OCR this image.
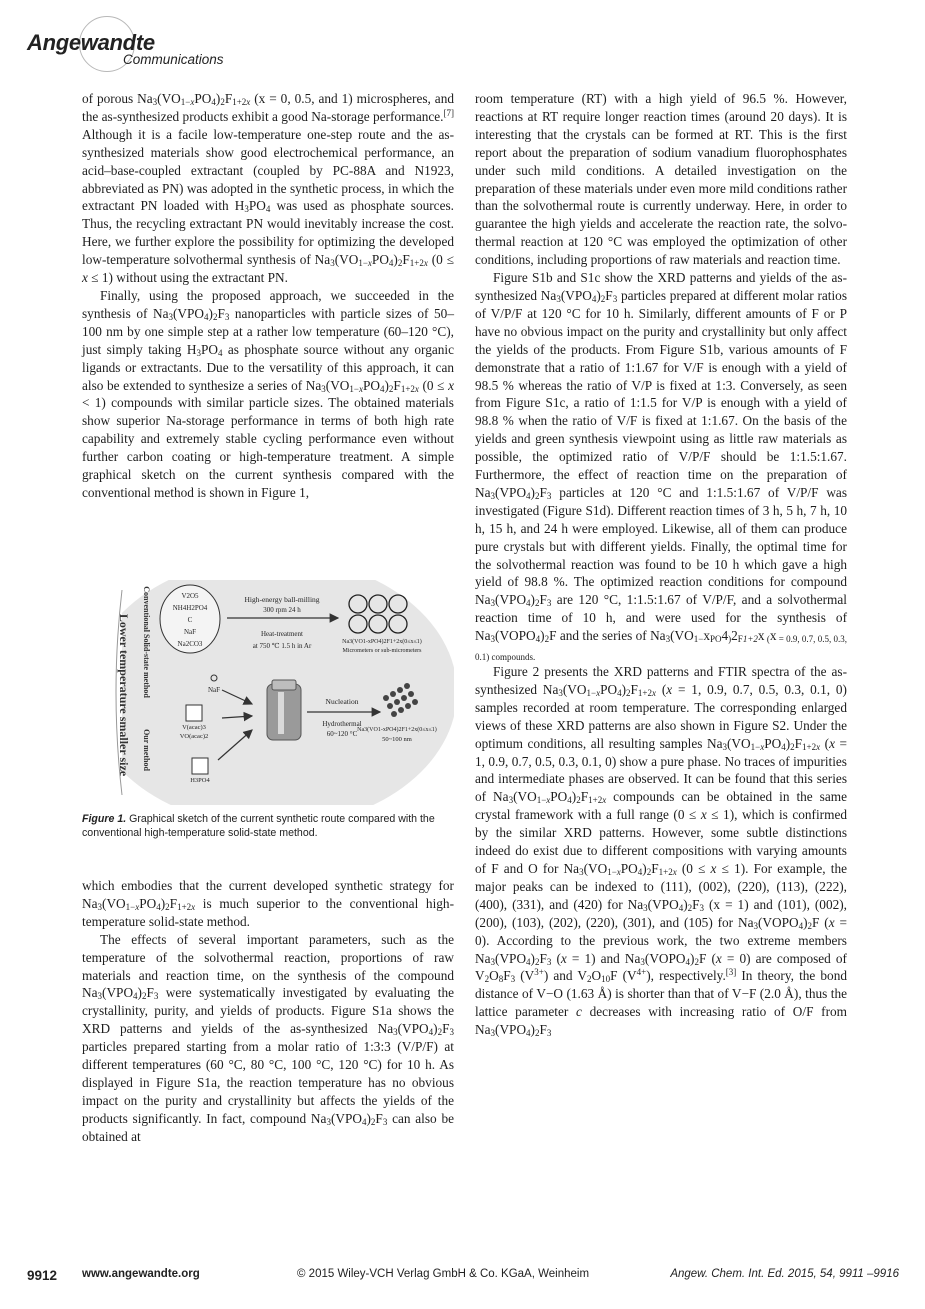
Angewandte
Communications

of porous $Na_3(VO_{1-x}PO_4)_2F_{1+2x}$ (x = 0, 0.5, and 1) microspheres, and the as-synthesized products exhibit a good Na-storage performance.[7] Although it is a facile low-temperature one-step route and the as-synthesized materials show good electrochemical performance, an acid–base-coupled extractant (coupled by PC-88A and N1923, abbreviated as PN) was adopted in the synthetic process, in which the extractant PN loaded with $H_3PO_4$ was used as phosphate sources. Thus, the recycling extractant PN would inevitably increase the cost. Here, we further explore the possibility for optimizing the developed low-temperature solvothermal synthesis of $Na_3(VO_{1-x}PO_4)_2F_{1+2x}$ (0 ≤ x ≤ 1) without using the extractant PN.

Finally, using the proposed approach, we succeeded in the synthesis of $Na_3(VPO_4)_2F_3$ nanoparticles with particle sizes of 50–100 nm by one simple step at a rather low temperature (60–120 °C), just simply taking $H_3PO_4$ as phosphate source without any organic ligands or extractants. Due to the versatility of this approach, it can also be extended to synthesize a series of $Na_3(VO_{1-x}PO_4)_2F_{1+2x}$ (0 ≤ x < 1) compounds with similar particle sizes. The obtained materials show superior Na-storage performance in terms of both high rate capability and extremely stable cycling performance even without further carbon coating or high-temperature treatment. A simple graphical sketch on the current synthesis compared with the conventional method is shown in Figure 1,

Lower temperature smaller size Conventional Solid-state method
Our method
V2O5
NH4H2PO4
C
NaF
Na2CO3
High-energy ball-milling
300 rpm 24 h
Heat-treatment
at 750 ℃ 1.5 h in Ar	Na3(VO1-xPO4)2F1+2x(0≤x≤1)
Micrometers or sub-micrometers
NaF
V(acac)3
VO(acac)2
H3PO4
Nucleation
Hydrothermal
60~120 °C Na3(VO1-xPO4)2F1+2x(0≤x≤1)
50~100 nm
Figure 1. Graphical sketch of the current synthetic route compared with the conventional high-temperature solid-state method.

which embodies that the current developed synthetic strategy for $Na_3(VO_{1-x}PO_4)_2F_{1+2x}$ is much superior to the conventional high-temperature solid-state method.

The effects of several important parameters, such as the temperature of the solvothermal reaction, proportions of raw materials and reaction time, on the synthesis of the compound $Na_3(VPO_4)_2F_3$ were systematically investigated by evaluating the crystallinity, purity, and yields of products. Figure S1a shows the XRD patterns and yields of the as-synthesized $Na_3(VPO_4)_2F_3$ particles prepared starting from a molar ratio of 1:3:3 (V/P/F) at different temperatures (60 °C, 80 °C, 100 °C, 120 °C) for 10 h. As displayed in Figure S1a, the reaction temperature has no obvious impact on the purity and crystallinity but affects the yields of the products significantly. In fact, compound $Na_3(VPO_4)_2F_3$ can also be obtained at

room temperature (RT) with a high yield of 96.5 %. However, reactions at RT require longer reaction times (around 20 days). It is interesting that the crystals can be formed at RT. This is the first report about the preparation of sodium vanadium fluorophosphates under such mild conditions. A detailed investigation on the preparation of these materials under even more mild conditions rather than the solvothermal route is currently underway. Here, in order to guarantee the high yields and accelerate the reaction rate, the solvothermal reaction at 120 °C was employed the optimization of other conditions, including proportions of raw materials and reaction time.

Figure S1b and S1c show the XRD patterns and yields of the as-synthesized $Na_3(VPO_4)_2F_3$ particles prepared at different molar ratios of V/P/F at 120 °C for 10 h. Similarly, different amounts of F or P have no obvious impact on the purity and crystallinity but only affect the yields of the products. From Figure S1b, various amounts of F demonstrate that a ratio of 1:1.67 for V/F is enough with a yield of 98.5 % whereas the ratio of V/P is fixed at 1:3. Conversely, as seen from Figure S1c, a ratio of 1:1.5 for V/P is enough with a yield of 98.8 % when the ratio of V/F is fixed at 1:1.67. On the basis of the yields and green synthesis viewpoint using as little raw materials as possible, the optimized ratio of V/P/F should be 1:1.5:1.67. Furthermore, the effect of reaction time on the preparation of $Na_3(VPO_4)_2F_3$ particles at 120 °C and 1:1.5:1.67 of V/P/F was investigated (Figure S1d). Different reaction times of 3 h, 5 h, 7 h, 10 h, 15 h, and 24 h were employed. Likewise, all of them can produce pure crystals but with different yields. Finally, the optimal time for the solvothermal reaction was found to be 10 h which gave a high yield of 98.8 %. The optimized reaction conditions for compound $Na_3(VPO_4)_2F_3$ are 120 °C, 1:1.5:1.67 of V/P/F, and a solvothermal reaction time of 10 h, and were used for the synthesis of $Na_3(VOPO_4)_2F$ and the series of $Na_3(VO_{1-}x_{PO}4_)2_{F1+2}x$ $_($x $_{= 0.9, 0.7, 0.5, 0.3, 0.1) compounds.}$

Figure 2 presents the XRD patterns and FTIR spectra of the as-synthesized $Na_3(VO_{1-x}PO_4)_2F_{1+2x}$ (x = 1, 0.9, 0.7, 0.5, 0.3, 0.1, 0) samples recorded at room temperature. The corresponding enlarged views of these XRD patterns are also shown in Figure S2. Under the optimum conditions, all resulting samples $Na_3(VO_{1-x}PO_4)_2F_{1+2x}$ (x = 1, 0.9, 0.7, 0.5, 0.3, 0.1, 0) show a pure phase. No traces of impurities and intermediate phases are observed. It can be found that this series of $Na_3(VO_{1-x}PO_4)_2F_{1+2x}$ compounds can be obtained in the same crystal framework with a full range (0 ≤ x ≤ 1), which is confirmed by the similar XRD patterns. However, some subtle distinctions indeed do exist due to different compositions with varying amounts of F and O for $Na_3(VO_{1-x}PO_4)_2F_{1+2x}$ (0 ≤ x ≤ 1). For example, the major peaks can be indexed to (111), (002), (220), (113), (222), (400), (331), and (420) for $Na_3(VPO_4)_2F_3$ (x = 1) and (101), (002), (200), (103), (202), (220), (301), and (105) for $Na_3(VOPO_4)_2F$ (x = 0). According to the previous work, the two extreme members $Na_3(VPO_4)_2F_3$ (x = 1) and $Na_3(VOPO_4)_2F$ (x = 0) are composed of $V_2O_8F_3$ $(V^{3+})$ and $V_2O_{10}F$ $(V^{4+})$, respectively.[3] In theory, the bond distance of V−O (1.63 Å) is shorter than that of V−F (2.0 Å), thus the lattice parameter c decreases with increasing ratio of O/F from $Na_3(VPO_4)_2F_3$

9912 www.angewandte.org	© 2015 Wiley-VCH Verlag GmbH & Co. KGaA, Weinheim	Angew. Chem. Int. Ed. 2015, 54, 9911 –9916
